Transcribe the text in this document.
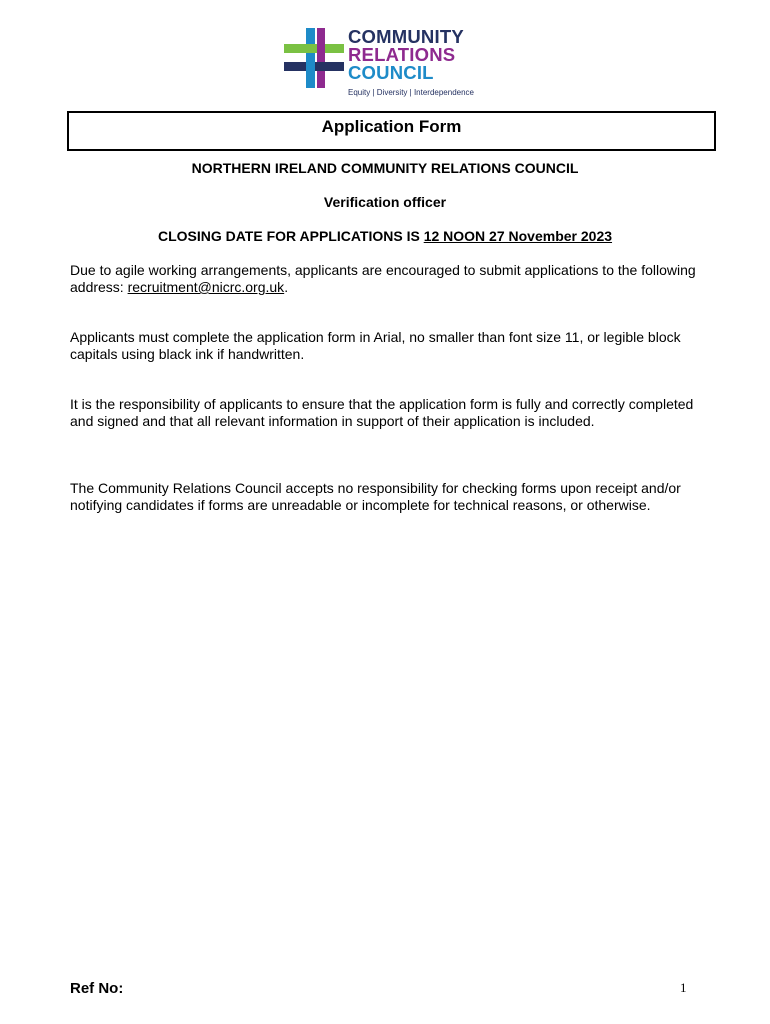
COMMUNITY
RELATIONS
COUNCIL
Equity | Diversity | Interdependence
Application Form
NORTHERN IRELAND COMMUNITY RELATIONS COUNCIL
Verification officer
CLOSING DATE FOR APPLICATIONS IS 12 NOON 27 November 2023
Due to agile working arrangements, applicants are encouraged to submit applications to the following address: recruitment@nicrc.org.uk.
Applicants must complete the application form in Arial, no smaller than font size 11, or legible block capitals using black ink if handwritten.
It is the responsibility of applicants to ensure that the application form is fully and correctly completed and signed and that all relevant information in support of their application is included.
The Community Relations Council accepts no responsibility for checking forms upon receipt and/or notifying candidates if forms are unreadable or incomplete for technical reasons, or otherwise.
Ref No:	1
